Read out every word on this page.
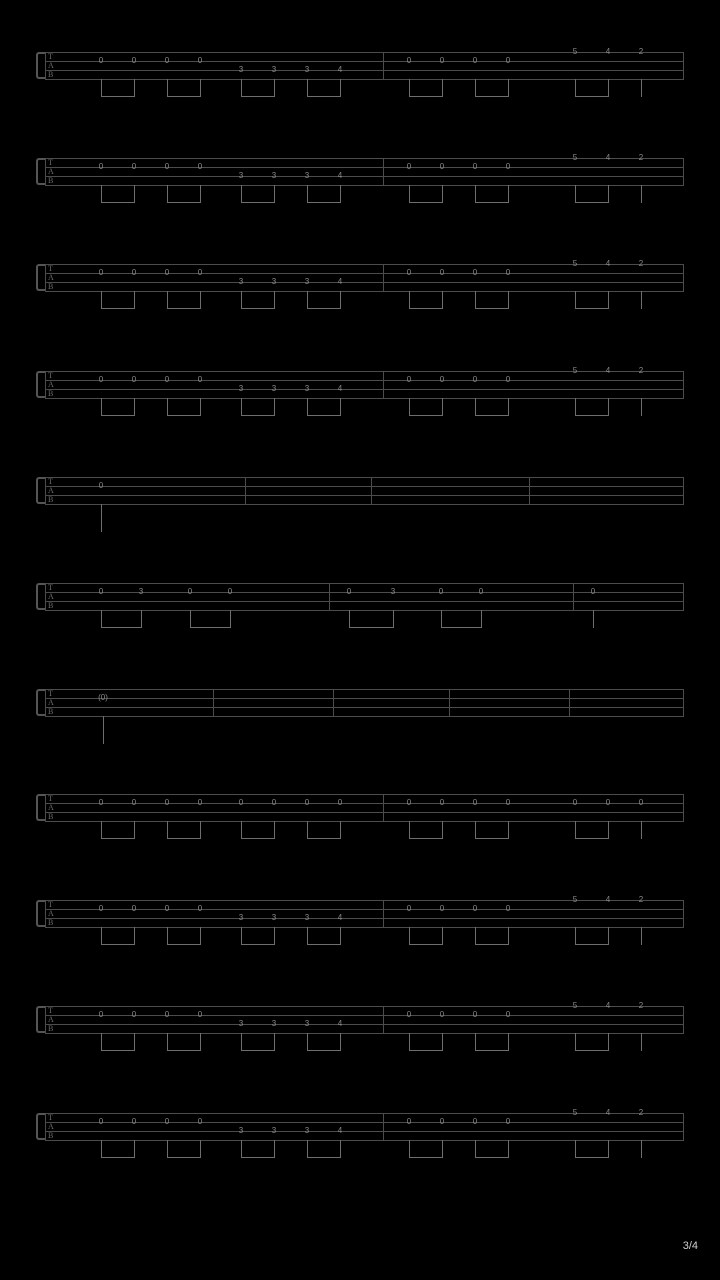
T
A
B
0	0	0	0
3	3	3	4
0	0	0	0
5	4	2
T
A
B
0	0	0	0
3	3	3	4
0	0	0	0
5	4	2
T
A
B
0	0	0	0
3	3	3	4
0	0	0	0
5	4	2
T
A
B
0	0	0	0
3	3	3	4
0	0	0	0
5	4	2
T
A
B
0
T
A
B
0	3	0	0	0	3	0	0	0
T
A
B
(0)
T
A
B
0	0	0	0	0	0	0	0	0	0	0	0	0	0	0
T
A
B
0	0	0	0
3	3	3	4
0	0	0	0
5	4	2
T
A
B
0	0	0	0
3	3	3	4
0	0	0	0
5	4	2
T
A
B
0	0	0	0
3	3	3	4
0	0	0	0
5	4	2
3/4
